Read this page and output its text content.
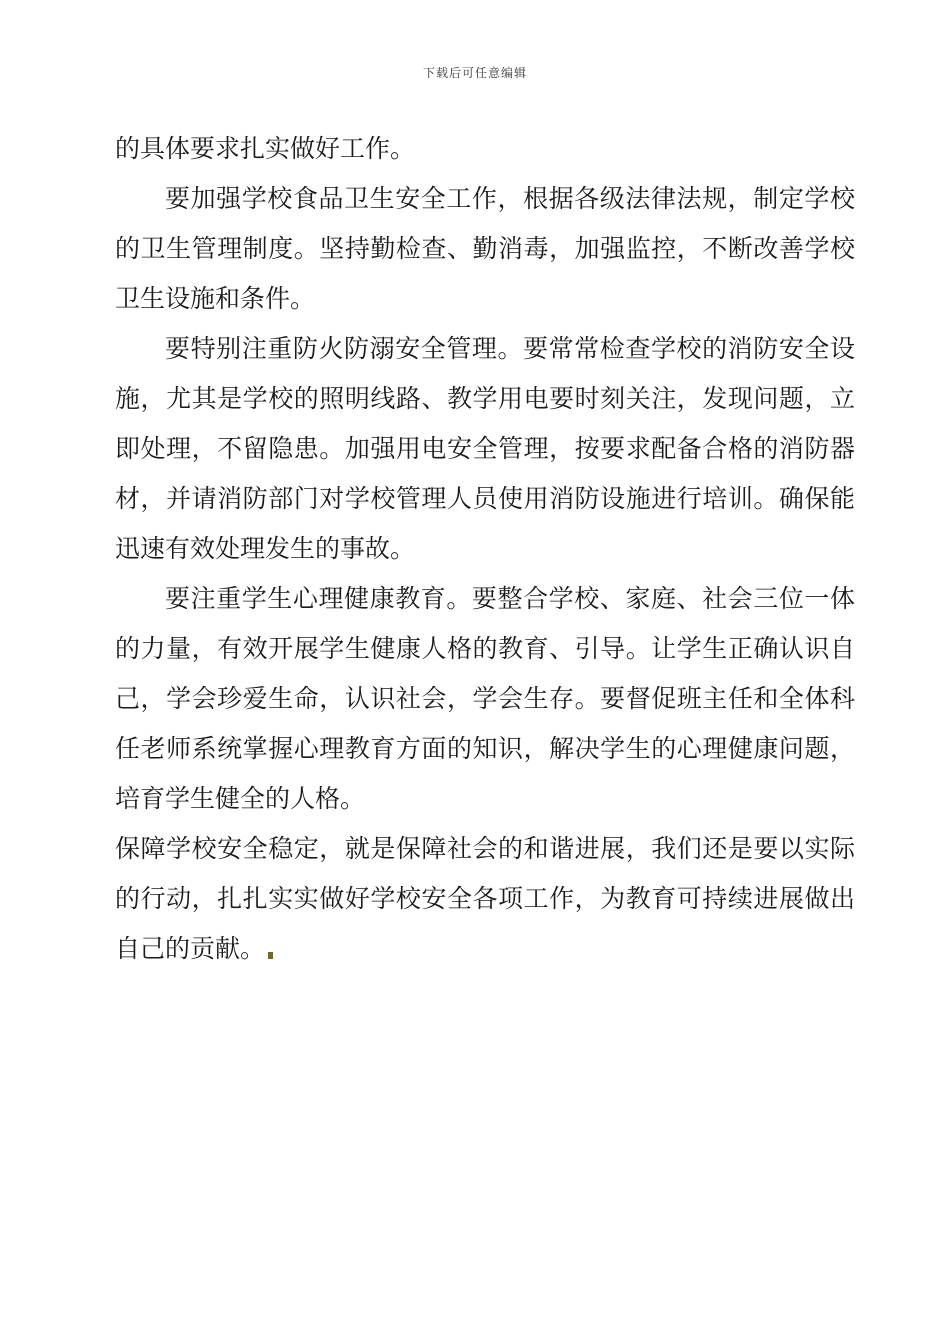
下载后可任意编辑

的具体要求扎实做好工作。

要加强学校食品卫生安全工作，根据各级法律法规，制定学校的卫生管理制度。坚持勤检查、勤消毒，加强监控，不断改善学校卫生设施和条件。

要特别注重防火防溺安全管理。要常常检查学校的消防安全设施，尤其是学校的照明线路、教学用电要时刻关注，发现问题，立即处理，不留隐患。加强用电安全管理，按要求配备合格的消防器材，并请消防部门对学校管理人员使用消防设施进行培训。确保能迅速有效处理发生的事故。

要注重学生心理健康教育。要整合学校、家庭、社会三位一体的力量，有效开展学生健康人格的教育、引导。让学生正确认识自己，学会珍爱生命，认识社会，学会生存。要督促班主任和全体科任老师系统掌握心理教育方面的知识，解决学生的心理健康问题，培育学生健全的人格。

保障学校安全稳定，就是保障社会的和谐进展，我们还是要以实际的行动，扎扎实实做好学校安全各项工作，为教育可持续进展做出自己的贡献。
